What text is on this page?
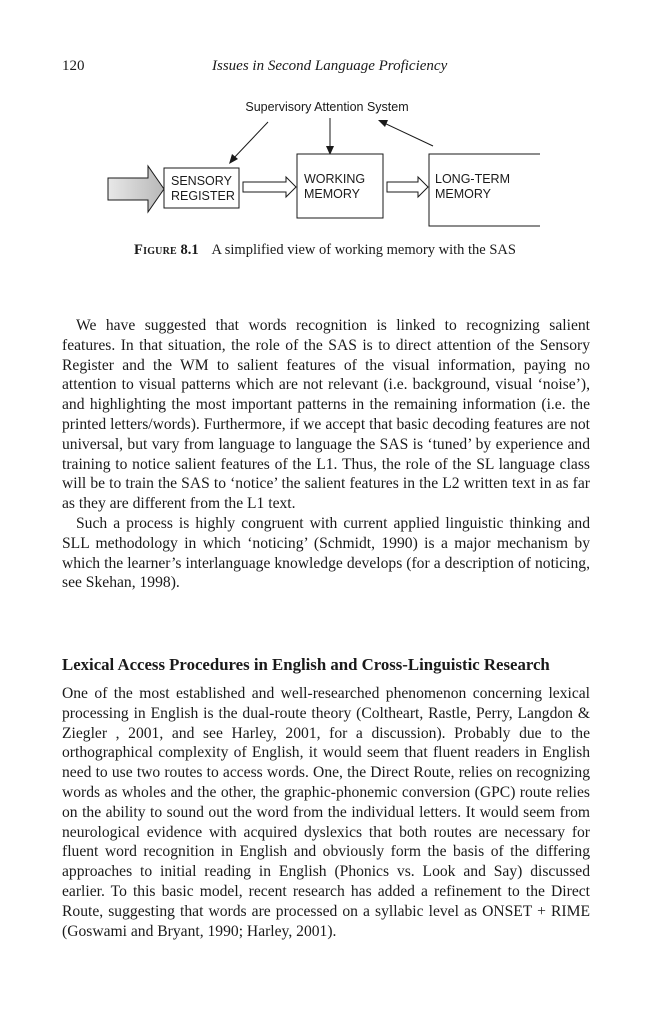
120	Issues in Second Language Proficiency
Supervisory Attention System
SENSORY
REGISTER
WORKING
MEMORY
LONG-TERM
MEMORY
Figure 8.1 A simplified view of working memory with the SAS

We have suggested that words recognition is linked to recognizing salient features. In that situation, the role of the SAS is to direct attention of the Sensory Register and the WM to salient features of the visual information, paying no attention to visual patterns which are not relevant (i.e. background, visual ‘noise’), and highlighting the most important patterns in the remaining information (i.e. the printed letters/words). Furthermore, if we accept that basic decoding features are not universal, but vary from language to language the SAS is ‘tuned’ by experience and training to notice salient features of the L1. Thus, the role of the SL language class will be to train the SAS to ‘notice’ the salient features in the L2 written text in as far as they are different from the L1 text.

Such a process is highly congruent with current applied linguistic thinking and SLL methodology in which ‘noticing’ (Schmidt, 1990) is a major mechanism by which the learner’s interlanguage knowledge develops (for a description of noticing, see Skehan, 1998).

Lexical Access Procedures in English and Cross-Linguistic Research

One of the most established and well-researched phenomenon concerning lexical processing in English is the dual-route theory (Coltheart, Rastle, Perry, Langdon & Ziegler , 2001, and see Harley, 2001, for a discussion). Probably due to the orthographical complexity of English, it would seem that fluent readers in English need to use two routes to access words. One, the Direct Route, relies on recognizing words as wholes and the other, the graphic-phonemic conversion (GPC) route relies on the ability to sound out the word from the individual letters. It would seem from neurological evidence with acquired dyslexics that both routes are necessary for fluent word recognition in English and obviously form the basis of the differing approaches to initial reading in English (Phonics vs. Look and Say) discussed earlier. To this basic model, recent research has added a refinement to the Direct Route, suggesting that words are processed on a syllabic level as ONSET + RIME (Goswami and Bryant, 1990; Harley, 2001).
